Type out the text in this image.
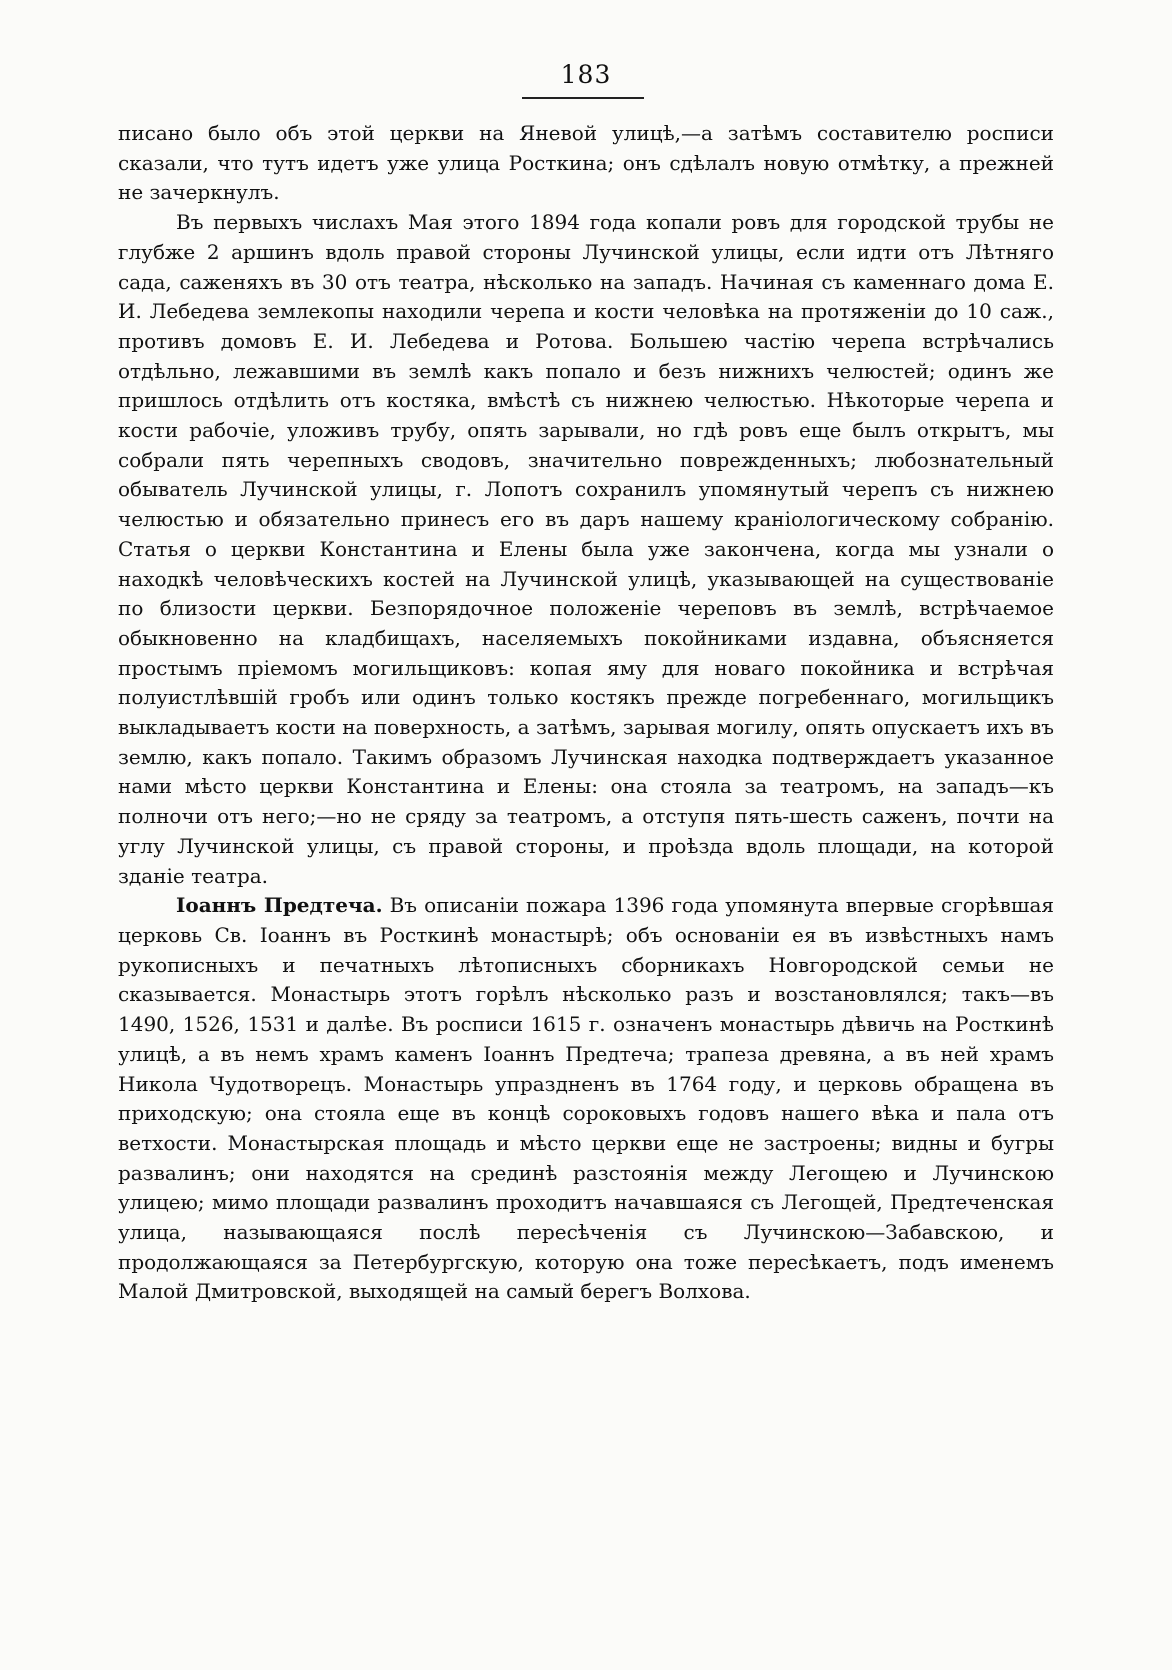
183

писано было объ этой церкви на Яневой улицѣ,—а затѣмъ составителю росписи сказали, что тутъ идетъ уже улица Росткина; онъ сдѣлалъ новую отмѣтку, а прежней не зачеркнулъ.

Въ первыхъ числахъ Мая этого 1894 года копали ровъ для городской трубы не глубже 2 аршинъ вдоль правой стороны Лучинской улицы, если идти отъ Лѣтняго сада, саженяхъ въ 30 отъ театра, нѣсколько на западъ. Начиная съ каменнаго дома Е. И. Лебедева землекопы находили черепа и кости человѣка на протяженіи до 10 саж., противъ домовъ Е. И. Лебедева и Ротова. Большею частію черепа встрѣчались отдѣльно, лежавшими въ землѣ какъ попало и безъ нижнихъ челюстей; одинъ же пришлось отдѣлить отъ костяка, вмѣстѣ съ нижнею челюстью. Нѣкоторые черепа и кости рабочіе, уложивъ трубу, опять зарывали, но гдѣ ровъ еще былъ открытъ, мы собрали пять черепныхъ сводовъ, значительно поврежденныхъ; любознательный обыватель Лучинской улицы, г. Лопотъ сохранилъ упомянутый черепъ съ нижнею челюстью и обязательно принесъ его въ даръ нашему краніологическому собранію. Статья о церкви Константина и Елены была уже закончена, когда мы узнали о находкѣ человѣческихъ костей на Лучинской улицѣ, указывающей на существованіе по близости церкви. Безпорядочное положеніе череповъ въ землѣ, встрѣчаемое обыкновенно на кладбищахъ, населяемыхъ покойниками издавна, объясняется простымъ пріемомъ могильщиковъ: копая яму для новаго покойника и встрѣчая полуистлѣвшій гробъ или одинъ только костякъ прежде погребеннаго, могильщикъ выкладываетъ кости на поверхность, а затѣмъ, зарывая могилу, опять опускаетъ ихъ въ землю, какъ попало. Такимъ образомъ Лучинская находка подтверждаетъ указанное нами мѣсто церкви Константина и Елены: она стояла за театромъ, на западъ—къ полночи отъ него;—но не сряду за театромъ, а отступя пять-шесть саженъ, почти на углу Лучинской улицы, съ правой стороны, и проѣзда вдоль площади, на которой зданіе театра.

Іоаннъ Предтеча. Въ описаніи пожара 1396 года упомянута впервые сгорѣвшая церковь Св. Іоаннъ въ Росткинѣ монастырѣ; объ основаніи ея въ извѣстныхъ намъ рукописныхъ и печатныхъ лѣтописныхъ сборникахъ Новгородской семьи не сказывается. Монастырь этотъ горѣлъ нѣсколько разъ и возстановлялся; такъ—въ 1490, 1526, 1531 и далѣе. Въ росписи 1615 г. означенъ монастырь дѣвичь на Росткинѣ улицѣ, а въ немъ храмъ каменъ Іоаннъ Предтеча; трапеза древяна, а въ ней храмъ Никола Чудотворецъ. Монастырь упраздненъ въ 1764 году, и церковь обращена въ приходскую; она стояла еще въ концѣ сороковыхъ годовъ нашего вѣка и пала отъ ветхости. Монастырская площадь и мѣсто церкви еще не застроены; видны и бугры развалинъ; они находятся на срединѣ разстоянія между Легощею и Лучинскою улицею; мимо площади развалинъ проходитъ начавшаяся съ Легощей, Предтеченская улица, называющаяся послѣ пересѣченія съ Лучинскою—Забавскою, и продолжающаяся за Петербургскую, которую она тоже пересѣкаетъ, подъ именемъ Малой Дмитровской, выходящей на самый берегъ Волхова.
